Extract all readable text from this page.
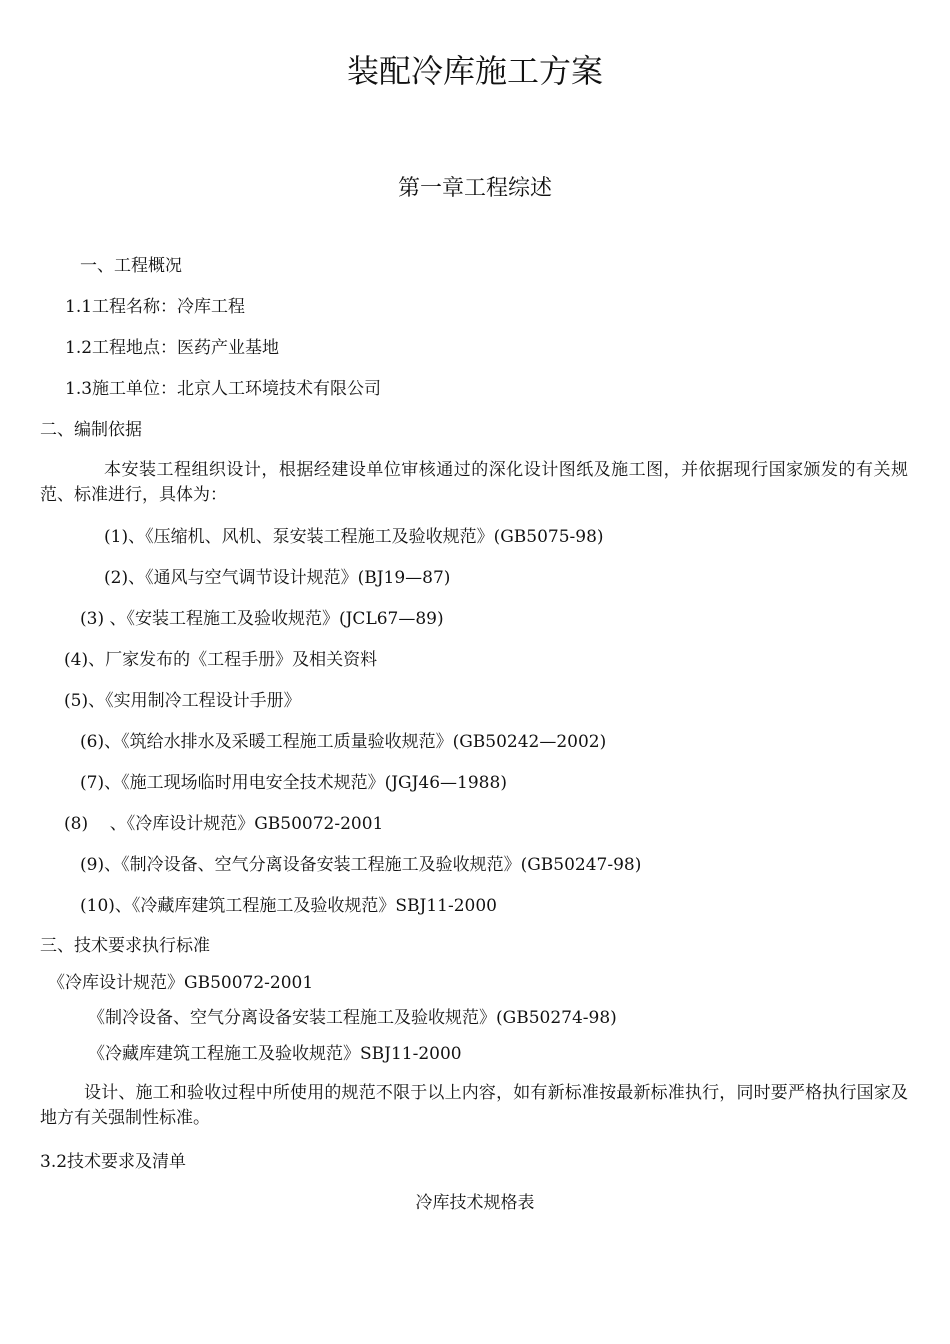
装配冷库施工方案
第一章工程综述
一、工程概况
1.1工程名称：冷库工程
1.2工程地点：医药产业基地
1.3施工单位：北京人工环境技术有限公司
二、编制依据
本安装工程组织设计，根据经建设单位审核通过的深化设计图纸及施工图，并依据现行国家颁发的有关规范、标准进行，具体为：
(1)、《压缩机、风机、泵安装工程施工及验收规范》(GB5075-98)
(2)、《通风与空气调节设计规范》(BJ19—87)
(3) 、《安装工程施工及验收规范》(JCL67—89)
(4)、厂家发布的《工程手册》及相关资料
(5)、《实用制冷工程设计手册》
(6)、《筑给水排水及采暖工程施工质量验收规范》(GB50242—2002)
(7)、《施工现场临时用电安全技术规范》(JGJ46—1988)
(8)    、《冷库设计规范》GB50072-2001
(9)、《制冷设备、空气分离设备安装工程施工及验收规范》(GB50247-98)
(10)、《冷藏库建筑工程施工及验收规范》SBJ11-2000
三、技术要求执行标准
《冷库设计规范》GB50072-2001
《制冷设备、空气分离设备安装工程施工及验收规范》(GB50274-98)
《冷藏库建筑工程施工及验收规范》SBJ11-2000
设计、施工和验收过程中所使用的规范不限于以上内容，如有新标准按最新标准执行，同时要严格执行国家及地方有关强制性标准。
3.2技术要求及清单
冷库技术规格表
